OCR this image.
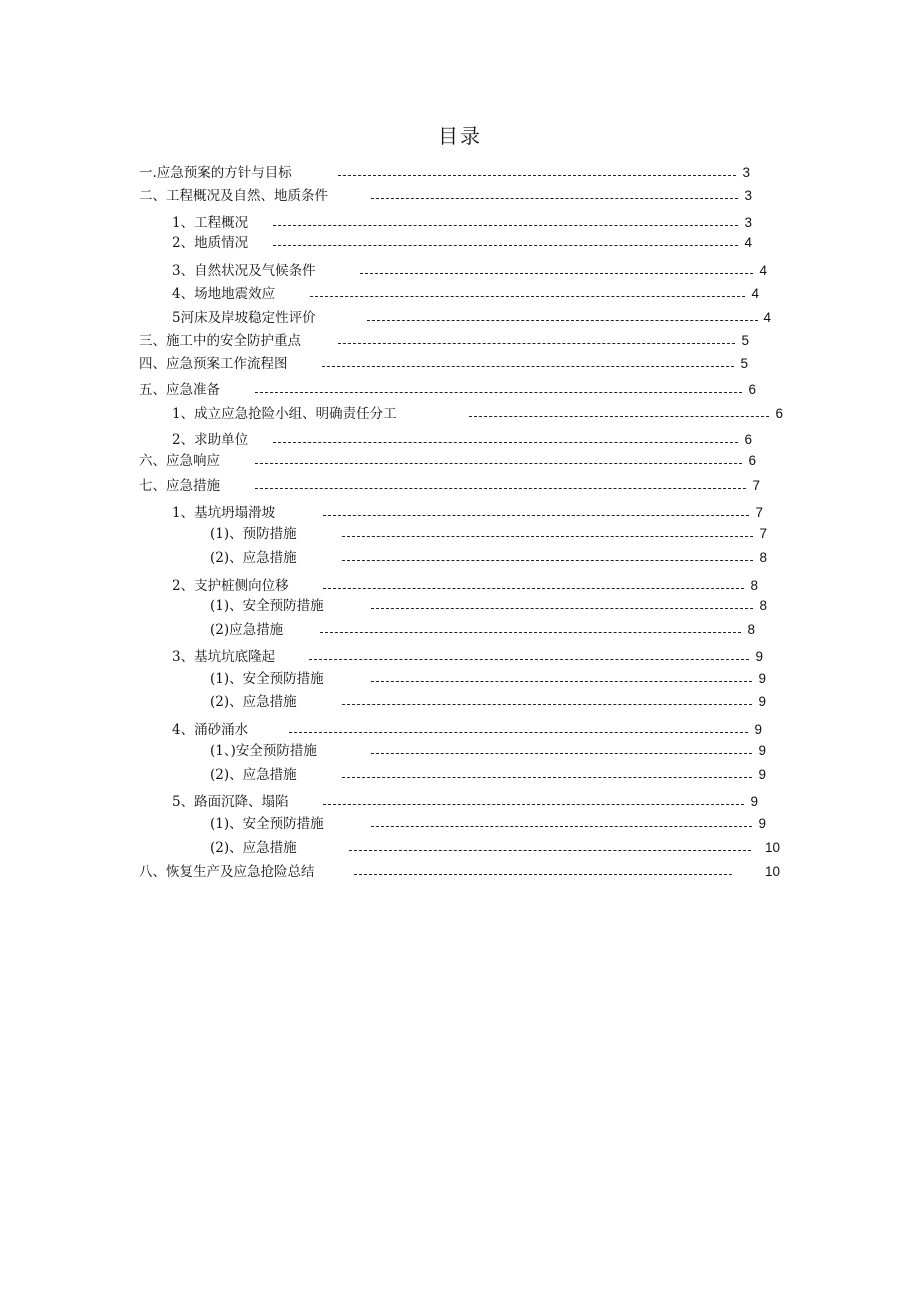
目录
一.应急预案的方针与目标	3
二、工程概况及自然、地质条件	3
1、工程概况	3
2、地质情况	4
3、自然状况及气候条件	4
4、场地地震效应	4
5河床及岸坡稳定性评价	4
三、施工中的安全防护重点	5
四、应急预案工作流程图	5
五、应急准备	6
1、成立应急抢险小组、明确责任分工	6
2、求助单位	6
六、应急响应	6
七、应急措施	7
1、基坑坍塌滑坡	7
(1)、预防措施	7
(2)、应急措施	8
2、支护桩侧向位移	8
(1)、安全预防措施	8
(2)应急措施	8
3、基坑坑底隆起	9
(1)、安全预防措施	9
(2)、应急措施	9
4、涌砂涌水	9
(1、)安全预防措施	9
(2)、应急措施	9
5、路面沉降、塌陷	9
(1)、安全预防措施	9
(2)、应急措施	10
八、恢复生产及应急抢险总结	10
